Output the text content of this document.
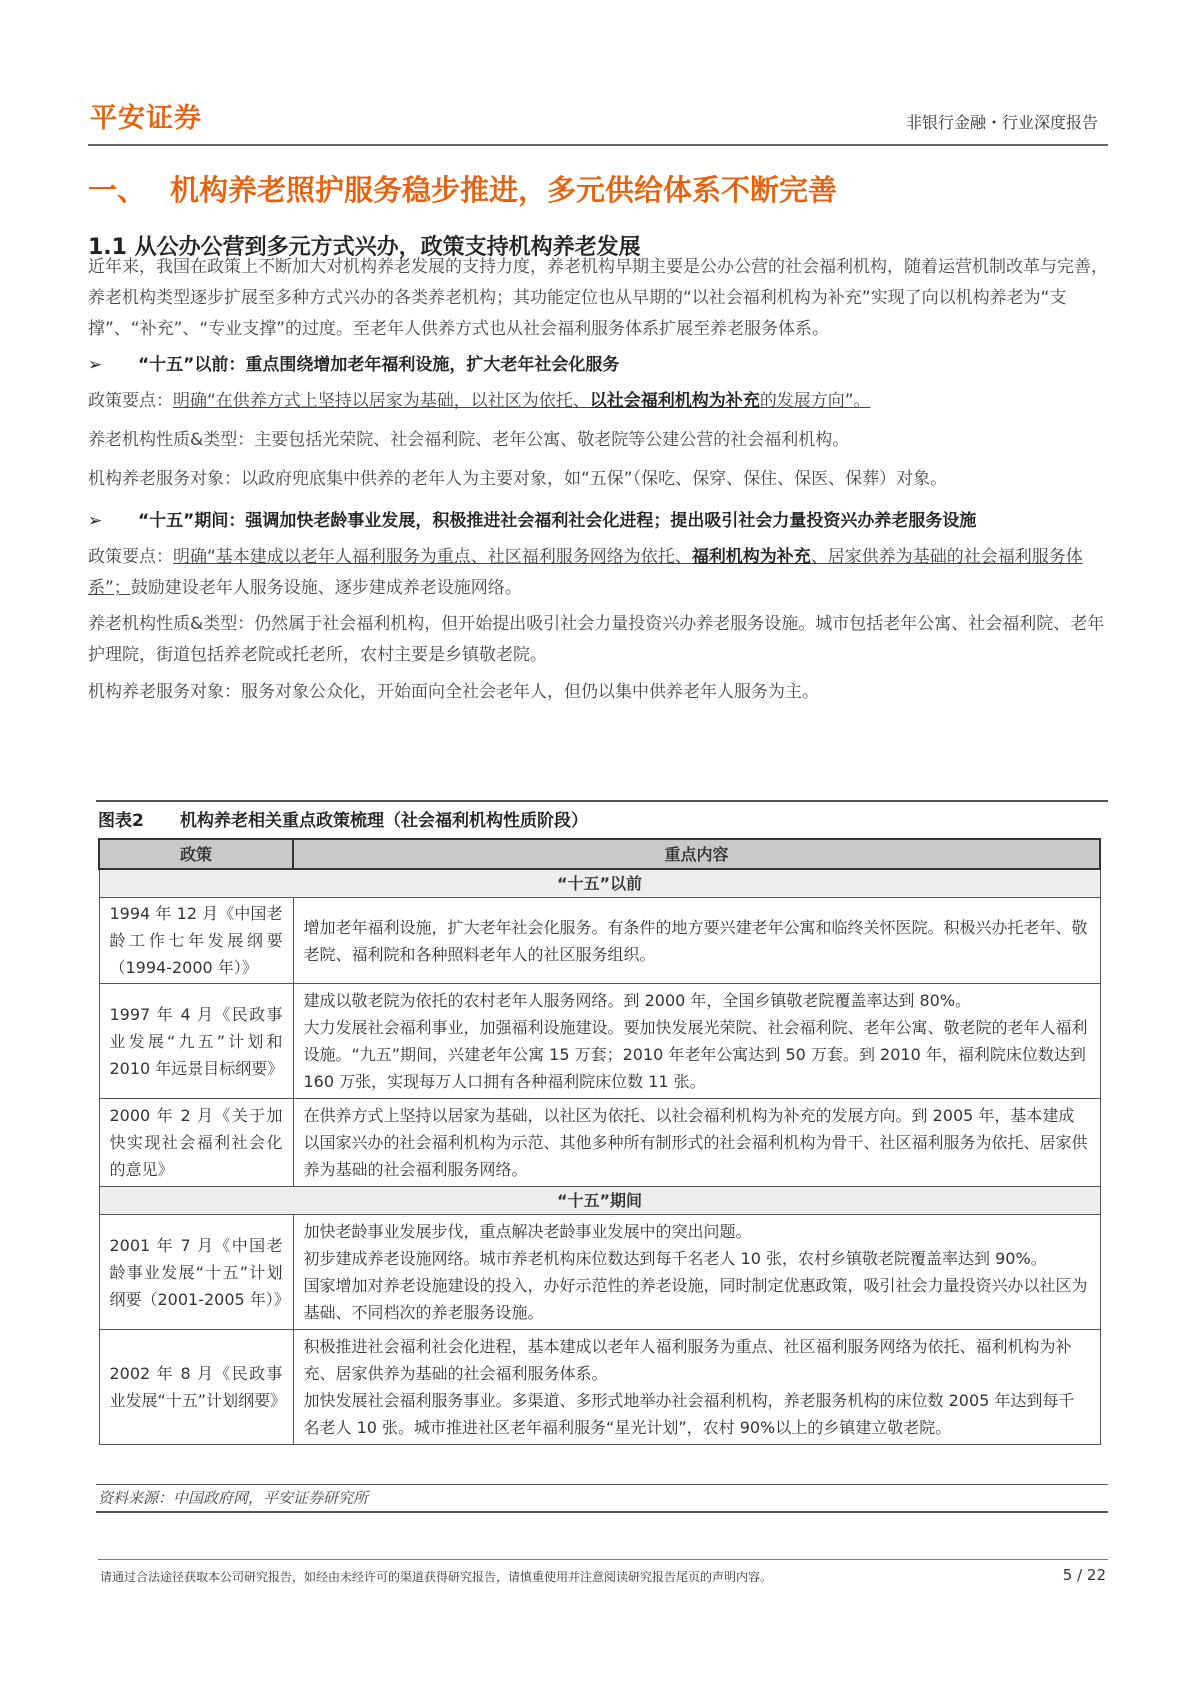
平安证券	非银行金融・行业深度报告
一、 机构养老照护服务稳步推进，多元供给体系不断完善
1.1 从公办公营到多元方式兴办，政策支持机构养老发展
近年来，我国在政策上不断加大对机构养老发展的支持力度，养老机构早期主要是公办公营的社会福利机构，随着运营机制改革与完善，养老机构类型逐步扩展至多种方式兴办的各类养老机构；其功能定位也从早期的“以社会福利机构为补充”实现了向以机构养老为“支撑”、“补充”、“专业支撑”的过度。至老年人供养方式也从社会福利服务体系扩展至养老服务体系。
➢ “十五”以前：重点围绕增加老年福利设施，扩大老年社会化服务
政策要点：明确“在供养方式上坚持以居家为基础，以社区为依托、以社会福利机构为补充的发展方向”。
养老机构性质&类型：主要包括光荣院、社会福利院、老年公寓、敬老院等公建公营的社会福利机构。
机构养老服务对象：以政府兜底集中供养的老年人为主要对象，如“五保”（保吃、保穿、保住、保医、保葬）对象。
➢ “十五”期间：强调加快老龄事业发展，积极推进社会福利社会化进程；提出吸引社会力量投资兴办养老服务设施
政策要点：明确“基本建成以老年人福利服务为重点、社区福利服务网络为依托、福利机构为补充、居家供养为基础的社会福利服务体系”；鼓励建设老年人服务设施、逐步建成养老设施网络。
养老机构性质&类型：仍然属于社会福利机构，但开始提出吸引社会力量投资兴办养老服务设施。城市包括老年公寓、社会福利院、老年护理院，街道包括养老院或托老所，农村主要是乡镇敬老院。
机构养老服务对象：服务对象公众化，开始面向全社会老年人，但仍以集中供养老年人服务为主。
图表2 机构养老相关重点政策梳理（社会福利机构性质阶段）
政策	重点内容
“十五”以前	
1994 年 12 月《中国老龄工作七年发展纲要（1994-2000 年）》	增加老年福利设施，扩大老年社会化服务。有条件的地方要兴建老年公寓和临终关怀医院。积极兴办托老年、敬老院、福利院和各种照料老年人的社区服务组织。

1997 年 4 月《民政事业发展“九五”计划和 2010 年远景目标纲要》	建成以敬老院为依托的农村老年人服务网络。到 2000 年，全国乡镇敬老院覆盖率达到 80%。
大力发展社会福利事业，加强福利设施建设。要加快发展光荣院、社会福利院、老年公寓、敬老院的老年人福利设施。“九五”期间，兴建老年公寓 15 万套；2010 年老年公寓达到 50 万套。到 2010 年，福利院床位数达到 160 万张，实现每万人口拥有各种福利院床位数 11 张。

2000 年 2 月《关于加快实现社会福利社会化的意见》	在供养方式上坚持以居家为基础，以社区为依托、以社会福利机构为补充的发展方向。到 2005 年，基本建成以国家兴办的社会福利机构为示范、其他多种所有制形式的社会福利机构为骨干、社区福利服务为依托、居家供养为基础的社会福利服务网络。

“十五”期间	
2001 年 7 月《中国老龄事业发展“十五”计划纲要（2001-2005 年）》	加快老龄事业发展步伐，重点解决老龄事业发展中的突出问题。
初步建成养老设施网络。城市养老机构床位数达到每千名老人 10 张，农村乡镇敬老院覆盖率达到 90%。
国家增加对养老设施建设的投入，办好示范性的养老设施，同时制定优惠政策，吸引社会力量投资兴办以社区为基础、不同档次的养老服务设施。

2002 年 8 月《民政事业发展“十五”计划纲要》	积极推进社会福利社会化进程，基本建成以老年人福利服务为重点、社区福利服务网络为依托、福利机构为补充、居家供养为基础的社会福利服务体系。
加快发展社会福利服务事业。多渠道、多形式地举办社会福利机构，养老服务机构的床位数 2005 年达到每千名老人 10 张。城市推进社区老年福利服务“星光计划”，农村 90%以上的乡镇建立敬老院。
资料来源：中国政府网，平安证券研究所
请通过合法途径获取本公司研究报告，如经由未经许可的渠道获得研究报告，请慎重使用并注意阅读研究报告尾页的声明内容。	5 / 22
